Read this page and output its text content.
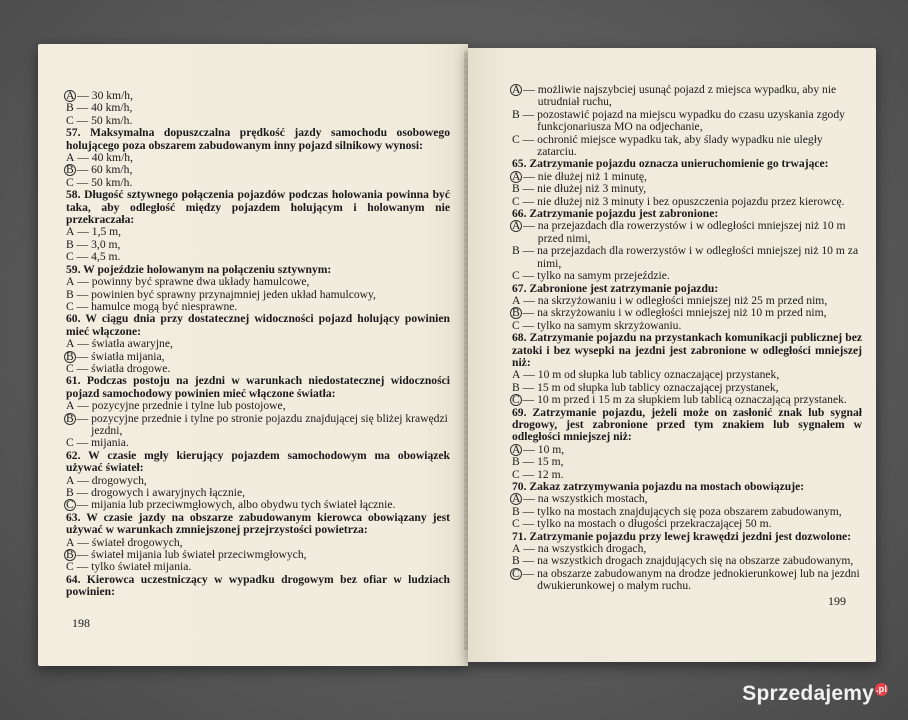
A — 30 km/h,
B — 40 km/h,
C — 50 km/h.
57. Maksymalna dopuszczalna prędkość jazdy samochodu osobowego holującego poza obszarem zabudowanym inny pojazd silnikowy wynosi:
A — 40 km/h,
B — 60 km/h,
C — 50 km/h.
58. Długość sztywnego połączenia pojazdów podczas holowania powinna być taka, aby odległość między pojazdem holującym i holowanym nie przekraczała:
A — 1,5 m,
B — 3,0 m,
C — 4,5 m.
59. W pojeździe holowanym na połączeniu sztywnym:
A — powinny być sprawne dwa układy hamulcowe,
B — powinien być sprawny przynajmniej jeden układ hamulcowy,
C — hamulce mogą być niesprawne.
60. W ciągu dnia przy dostatecznej widoczności pojazd holujący powinien mieć włączone:
A — światła awaryjne,
B — światła mijania,
C — światła drogowe.
61. Podczas postoju na jezdni w warunkach niedostatecznej widoczności pojazd samochodowy powinien mieć włączone światła:
A — pozycyjne przednie i tylne lub postojowe,
B — pozycyjne przednie i tylne po stronie pojazdu znajdującej się bliżej krawędzi jezdni,
C — mijania.
62. W czasie mgły kierujący pojazdem samochodowym ma obowiązek używać świateł:
A — drogowych,
B — drogowych i awaryjnych łącznie,
C — mijania lub przeciwmgłowych, albo obydwu tych świateł łącznie.
63. W czasie jazdy na obszarze zabudowanym kierowca obowiązany jest używać w warunkach zmniejszonej przejrzystości powietrza:
A — świateł drogowych,
B — świateł mijania lub świateł przeciwmgłowych,
C — tylko świateł mijania.
64. Kierowca uczestniczący w wypadku drogowym bez ofiar w ludziach powinien:
198
A — możliwie najszybciej usunąć pojazd z miejsca wypadku, aby nie utrudniał ruchu,
B — pozostawić pojazd na miejscu wypadku do czasu uzyskania zgody funkcjonariusza MO na odjechanie,
C — ochronić miejsce wypadku tak, aby ślady wypadku nie uległy zatarciu.
65. Zatrzymanie pojazdu oznacza unieruchomienie go trwające:
A — nie dłużej niż 1 minutę,
B — nie dłużej niż 3 minuty,
C — nie dłużej niż 3 minuty i bez opuszczenia pojazdu przez kierowcę.
66. Zatrzymanie pojazdu jest zabronione:
A — na przejazdach dla rowerzystów i w odległości mniejszej niż 10 m przed nimi,
B — na przejazdach dla rowerzystów i w odległości mniejszej niż 10 m za nimi,
C — tylko na samym przejeździe.
67. Zabronione jest zatrzymanie pojazdu:
A — na skrzyżowaniu i w odległości mniejszej niż 25 m przed nim,
B — na skrzyżowaniu i w odległości mniejszej niż 10 m przed nim,
C — tylko na samym skrzyżowaniu.
68. Zatrzymanie pojazdu na przystankach komunikacji publicznej bez zatoki i bez wysepki na jezdni jest zabronione w odległości mniejszej niż:
A — 10 m od słupka lub tablicy oznaczającej przystanek,
B — 15 m od słupka lub tablicy oznaczającej przystanek,
C — 10 m przed i 15 m za słupkiem lub tablicą oznaczającą przystanek.
69. Zatrzymanie pojazdu, jeżeli może on zasłonić znak lub sygnał drogowy, jest zabronione przed tym znakiem lub sygnałem w odległości mniejszej niż:
A — 10 m,
B — 15 m,
C — 12 m.
70. Zakaz zatrzymywania pojazdu na mostach obowiązuje:
A — na wszystkich mostach,
B — tylko na mostach znajdujących się poza obszarem zabudowanym,
C — tylko na mostach o długości przekraczającej 50 m.
71. Zatrzymanie pojazdu przy lewej krawędzi jezdni jest dozwolone:
A — na wszystkich drogach,
B — na wszystkich drogach znajdujących się na obszarze zabudowanym,
C — na obszarze zabudowanym na drodze jednokierunkowej lub na jezdni dwukierunkowej o małym ruchu.
199
Sprzedajemy .pl
